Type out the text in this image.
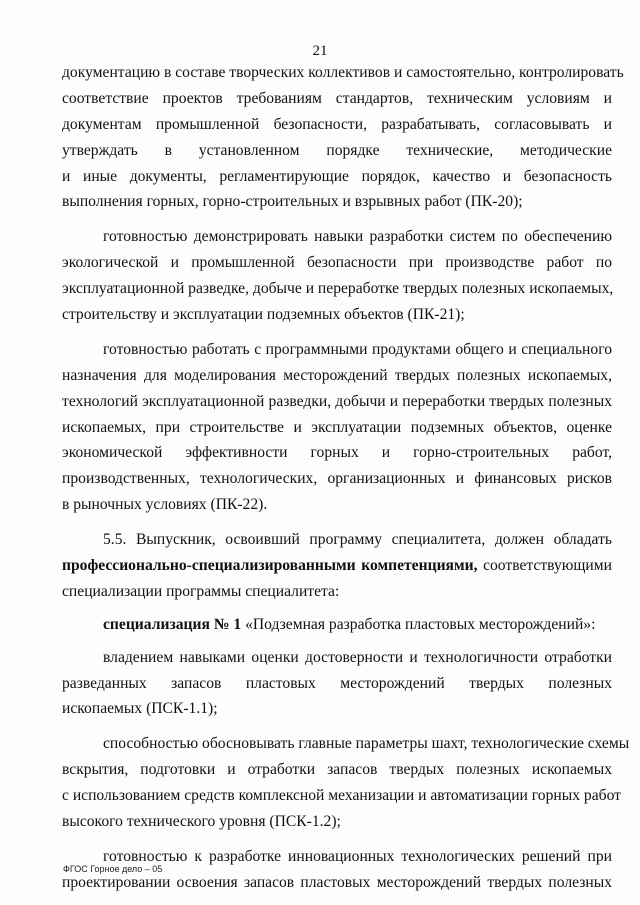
21
документацию в составе творческих коллективов и самостоятельно, контролировать
соответствие проектов требованиям стандартов, техническим условиям и
документам промышленной безопасности, разрабатывать, согласовывать и
утверждать в установленном порядке технические, методические
и иные документы, регламентирующие порядок, качество и безопасность
выполнения горных, горно-строительных и взрывных работ (ПК-20);
готовностью демонстрировать навыки разработки систем по обеспечению
экологической и промышленной безопасности при производстве работ по
эксплуатационной разведке, добыче и переработке твердых полезных ископаемых,
строительству и эксплуатации подземных объектов (ПК-21);
готовностью работать с программными продуктами общего и специального
назначения для моделирования месторождений твердых полезных ископаемых,
технологий эксплуатационной разведки, добычи и переработки твердых полезных
ископаемых, при строительстве и эксплуатации подземных объектов, оценке
экономической эффективности горных и горно-строительных работ,
производственных, технологических, организационных и финансовых рисков
в рыночных условиях (ПК-22).
5.5. Выпускник, освоивший программу специалитета, должен обладать
профессионально-специализированными компетенциями, соответствующими
специализации программы специалитета:
специализация № 1 «Подземная разработка пластовых месторождений»:
владением навыками оценки достоверности и технологичности отработки
разведанных запасов пластовых месторождений твердых полезных
ископаемых (ПСК-1.1);
способностью обосновывать главные параметры шахт, технологические схемы
вскрытия, подготовки и отработки запасов твердых полезных ископаемых
с использованием средств комплексной механизации и автоматизации горных работ
высокого технического уровня (ПСК-1.2);
готовностью к разработке инновационных технологических решений при
проектировании освоения запасов пластовых месторождений твердых полезных
ФГОС Горное дело – 05
